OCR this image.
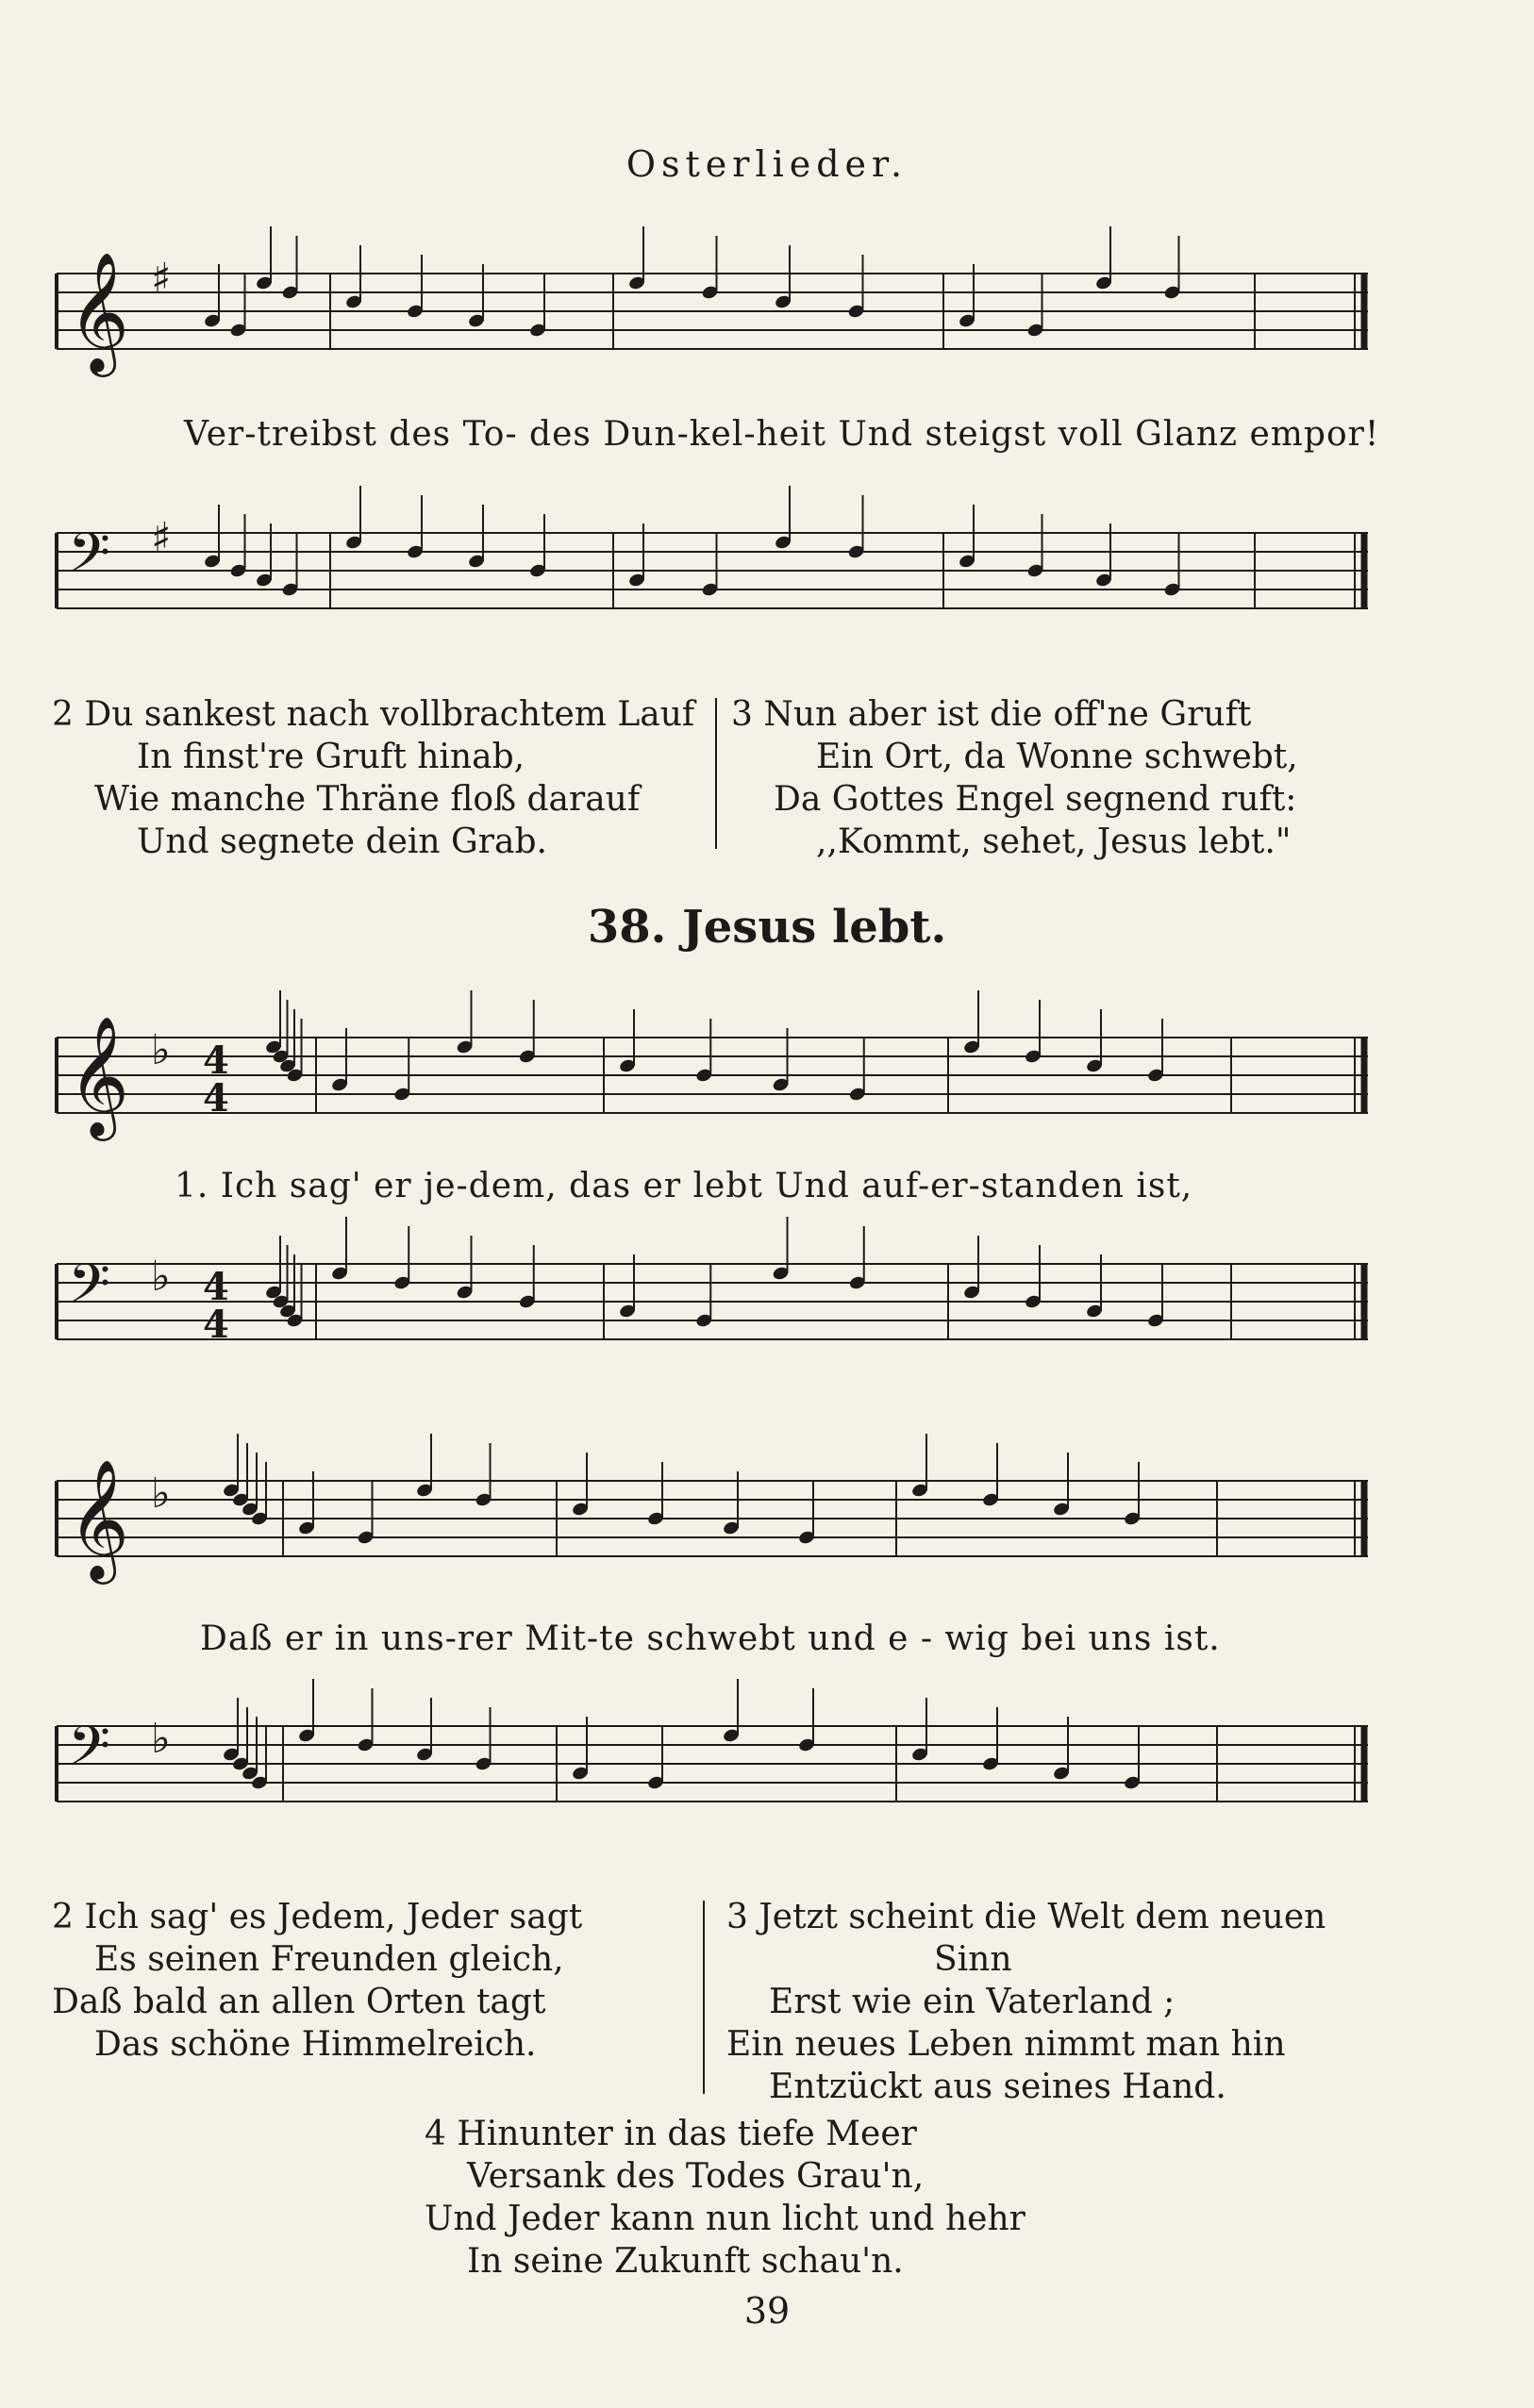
Osterlieder.
𝄞 ♯
Ver-treibst des To- des Dun-kel-heit Und steigst voll Glanz empor!
𝄢 ♯
2 Du sankest nach vollbrachtem Lauf
In finst're Gruft hinab,
Wie manche Thräne floß darauf
Und segnete dein Grab.
3 Nun aber ist die off'ne Gruft
Ein Ort, da Wonne schwebt,
Da Gottes Engel segnend ruft:
,,Kommt, sehet, Jesus lebt."
38. Jesus lebt.
𝄞 ♭ 4
4
1. Ich sag' er je-dem, das er lebt Und auf-er-standen ist,
𝄢 ♭ 4
4
𝄞 ♭
Daß er in uns-rer Mit-te schwebt und e - wig bei uns ist.
𝄢 ♭
2 Ich sag' es Jedem, Jeder sagt
Es seinen Freunden gleich,
Daß bald an allen Orten tagt
Das schöne Himmelreich.
3 Jetzt scheint die Welt dem neuen
Sinn
Erst wie ein Vaterland ;
Ein neues Leben nimmt man hin
Entzückt aus seines Hand.
4 Hinunter in das tiefe Meer
Versank des Todes Grau'n,
Und Jeder kann nun licht und hehr
In seine Zukunft schau'n.
39
